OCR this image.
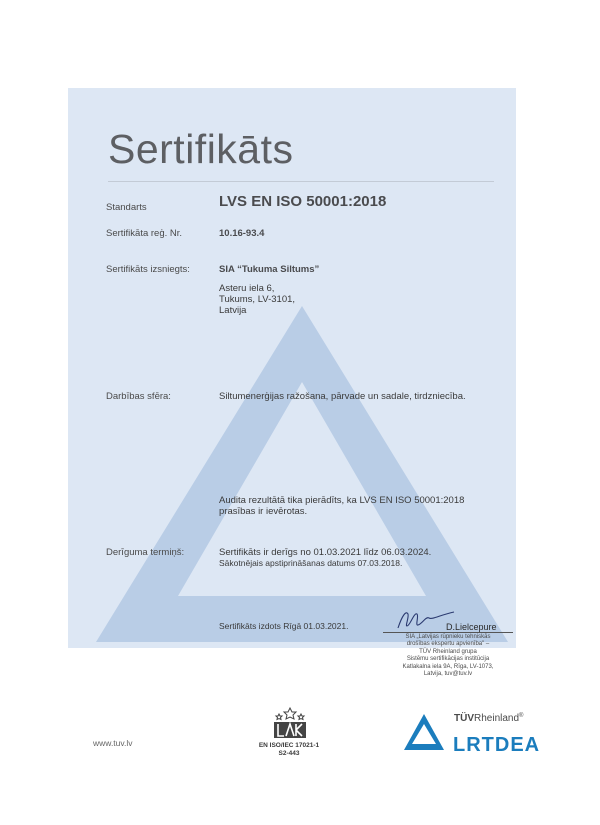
Sertifikāts
Standarts	LVS EN ISO 50001:2018
Sertifikāta reģ. Nr.	10.16-93.4
Sertifikāts izsniegts:	SIA “Tukuma Siltums”
Asteru iela 6,
Tukums, LV-3101,
Latvija
Darbības sfēra:	Siltumenerģijas ražošana, pārvade un sadale, tirdzniecība.
Audita rezultātā tika pierādīts, ka LVS EN ISO 50001:2018
prasības ir ievērotas.
Derīguma termiņš:	Sertifikāts ir derīgs no 01.03.2021 līdz 06.03.2024.
Sākotnējais apstiprināšanas datums 07.03.2018.
Sertifikāts izdots Rīgā 01.03.2021.	D.Lielcepure
SIA „Latvijas rūpnieku tehniskās
drošības ekspertu apvienība" –
TÜV Rheinland grupa
Sistēmu sertifikācijas institūcija
Katlakalna iela 9A, Rīga, LV-1073,
Latvija, tuv@tuv.lv
www.tuv.lv	EN ISO/IEC 17021-1
S2-443
TÜVRheinland®
LRTDEA
